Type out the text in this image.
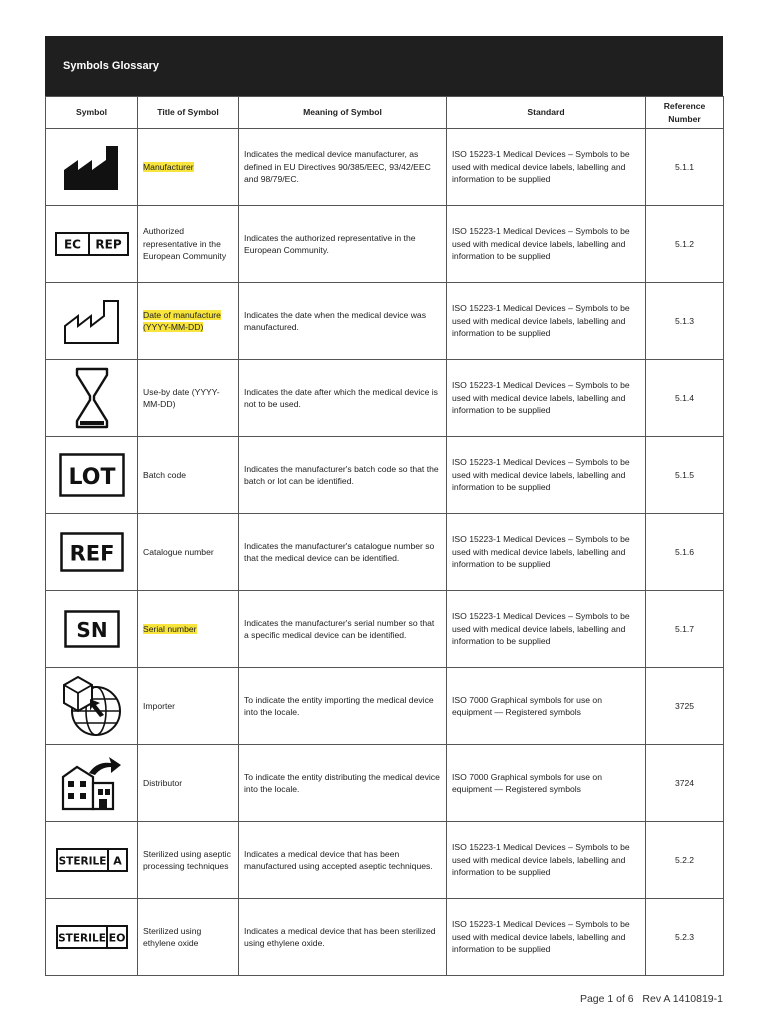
Symbols Glossary
Symbol	Title of Symbol	Meaning of Symbol	Standard	Reference Number

	Manufacturer	Indicates the medical device manufacturer, as defined in EU Directives 90/385/EEC, 93/42/EEC and 98/79/EC.	ISO 15223-1 Medical Devices – Symbols to be used with medical device labels, labelling and information to be supplied	5.1.1

EC REP	Authorized representative in the European Community	Indicates the authorized representative in the European Community.	ISO 15223-1 Medical Devices – Symbols to be used with medical device labels, labelling and information to be supplied	5.1.2

	Date of manufacture (YYYY-MM-DD)	Indicates the date when the medical device was manufactured.	ISO 15223-1 Medical Devices – Symbols to be used with medical device labels, labelling and information to be supplied	5.1.3

	Use-by date (YYYY-MM-DD)	Indicates the date after which the medical device is not to be used.	ISO 15223-1 Medical Devices – Symbols to be used with medical device labels, labelling and information to be supplied	5.1.4

LOT	Batch code	Indicates the manufacturer's batch code so that the batch or lot can be identified.	ISO 15223-1 Medical Devices – Symbols to be used with medical device labels, labelling and information to be supplied	5.1.5

REF	Catalogue number	Indicates the manufacturer's catalogue number so that the medical device can be identified.	ISO 15223-1 Medical Devices – Symbols to be used with medical device labels, labelling and information to be supplied	5.1.6

SN	Serial number	Indicates the manufacturer's serial number so that a specific medical device can be identified.	ISO 15223-1 Medical Devices – Symbols to be used with medical device labels, labelling and information to be supplied	5.1.7

	Importer	To indicate the entity importing the medical device into the locale.	ISO 7000 Graphical symbols for use on equipment — Registered symbols	3725

	Distributor	To indicate the entity distributing the medical device into the locale.	ISO 7000 Graphical symbols for use on equipment — Registered symbols	3724

STERILE A	Sterilized using aseptic processing techniques	Indicates a medical device that has been manufactured using accepted aseptic techniques.	ISO 15223-1 Medical Devices – Symbols to be used with medical device labels, labelling and information to be supplied	5.2.2

STERILE EO	Sterilized using ethylene oxide	Indicates a medical device that has been sterilized using ethylene oxide.	ISO 15223-1 Medical Devices – Symbols to be used with medical device labels, labelling and information to be supplied	5.2.3
Page 1 of 6 Rev A 1410819-1
